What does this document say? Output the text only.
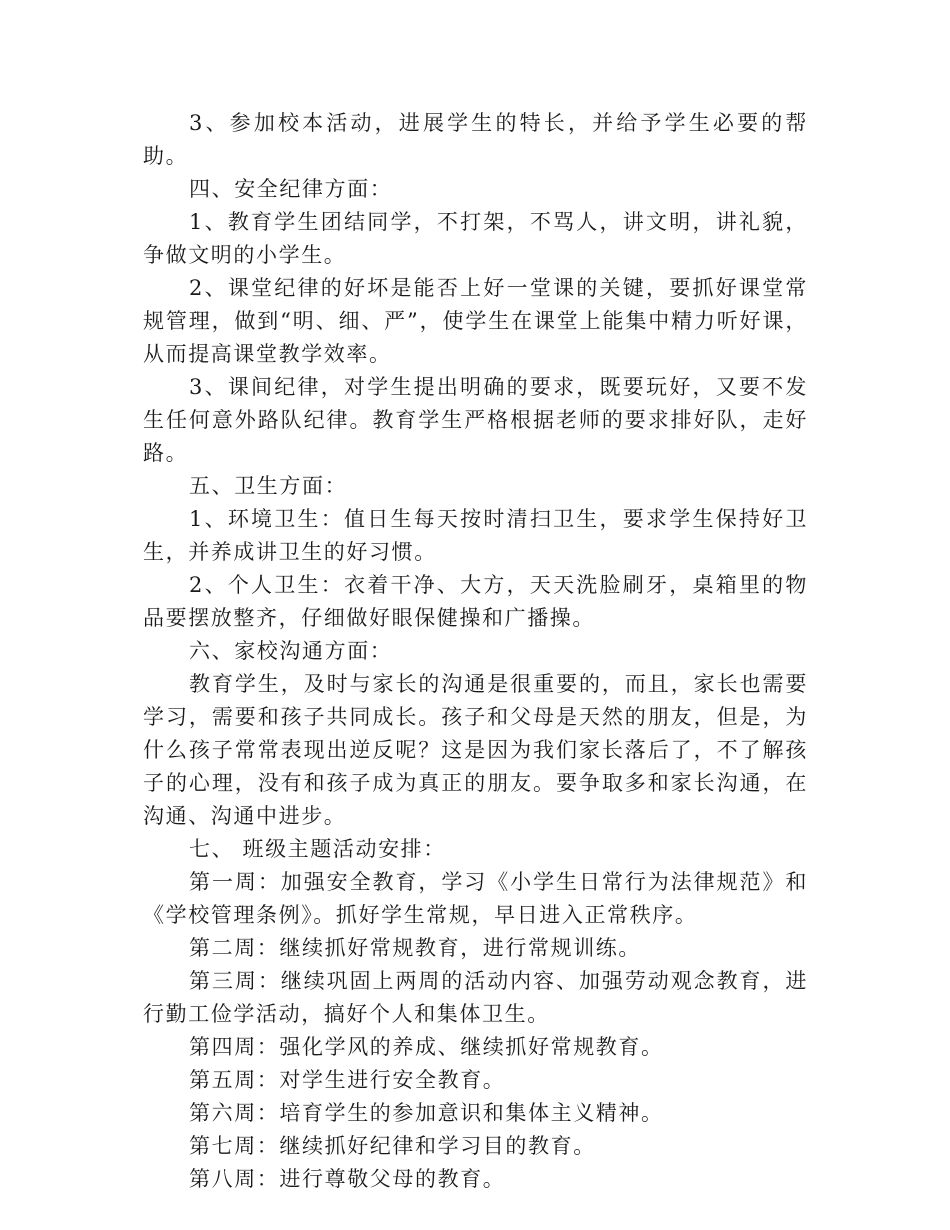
3、参加校本活动，进展学生的特长，并给予学生必要的帮助。

四、安全纪律方面：

1、教育学生团结同学，不打架，不骂人，讲文明，讲礼貌，争做文明的小学生。

2、课堂纪律的好坏是能否上好一堂课的关键，要抓好课堂常规管理，做到“明、细、严”，使学生在课堂上能集中精力听好课，从而提高课堂教学效率。

3、课间纪律，对学生提出明确的要求，既要玩好，又要不发生任何意外路队纪律。教育学生严格根据老师的要求排好队，走好路。

五、卫生方面：

1、环境卫生：值日生每天按时清扫卫生，要求学生保持好卫生，并养成讲卫生的好习惯。

2、个人卫生：衣着干净、大方，天天洗脸刷牙，桌箱里的物品要摆放整齐，仔细做好眼保健操和广播操。

六、家校沟通方面：

教育学生，及时与家长的沟通是很重要的，而且，家长也需要学习，需要和孩子共同成长。孩子和父母是天然的朋友，但是，为什么孩子常常表现出逆反呢？这是因为我们家长落后了，不了解孩子的心理，没有和孩子成为真正的朋友。要争取多和家长沟通，在沟通、沟通中进步。

七、 班级主题活动安排：

第一周：加强安全教育，学习《小学生日常行为法律规范》和《学校管理条例》。抓好学生常规，早日进入正常秩序。

第二周：继续抓好常规教育，进行常规训练。

第三周：继续巩固上两周的活动内容、加强劳动观念教育，进行勤工俭学活动，搞好个人和集体卫生。

第四周：强化学风的养成、继续抓好常规教育。

第五周：对学生进行安全教育。

第六周：培育学生的参加意识和集体主义精神。

第七周：继续抓好纪律和学习目的教育。

第八周：进行尊敬父母的教育。
